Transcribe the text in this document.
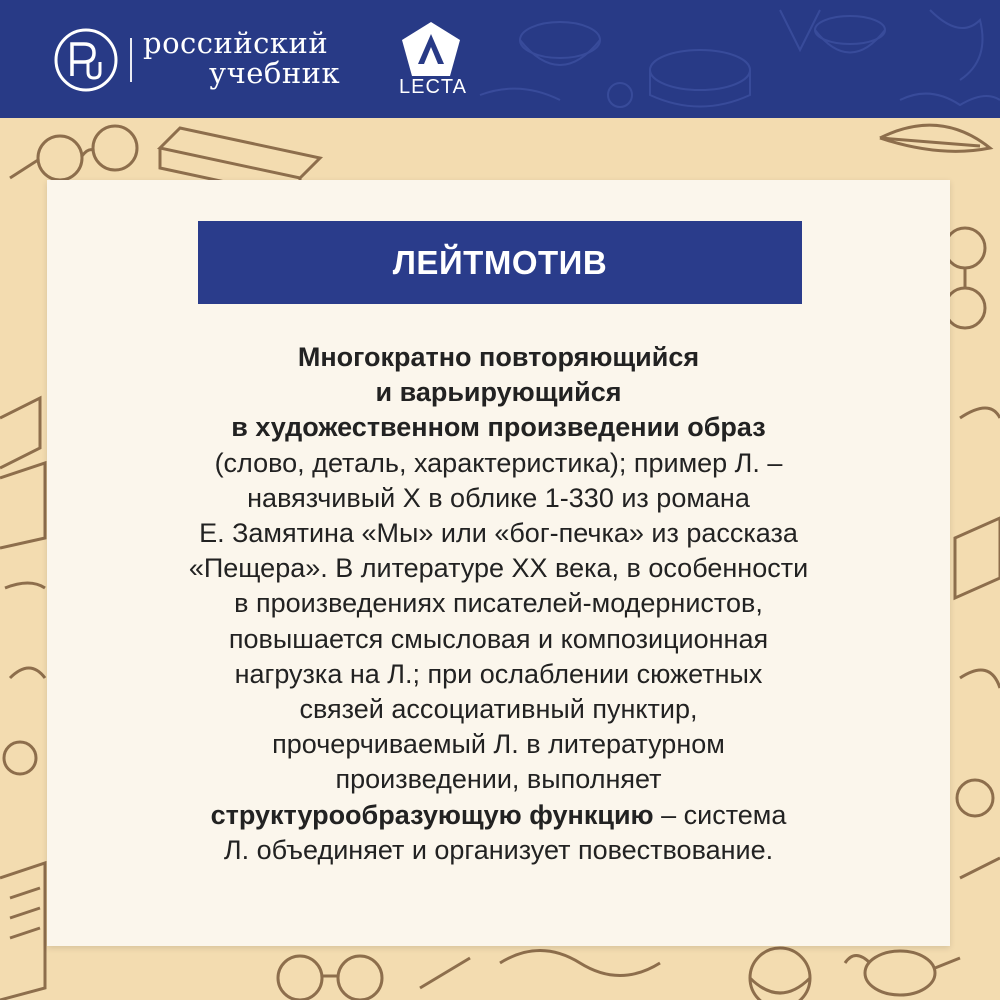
российский
учебник	LECTA
ЛЕЙТМОТИВ
Многократно повторяющийся
и варьирующийся
в художественном произведении образ
(слово, деталь, характеристика); пример Л. –
навязчивый Х в облике 1-330 из романа
Е. Замятина «Мы» или «бог-печка» из рассказа
«Пещера». В литературе XX века, в особенности
в произведениях писателей-модернистов,
повышается смысловая и композиционная
нагрузка на Л.; при ослаблении сюжетных
связей ассоциативный пунктир,
прочерчиваемый Л. в литературном
произведении, выполняет
структурообразующую функцию – система
Л. объединяет и организует повествование.
